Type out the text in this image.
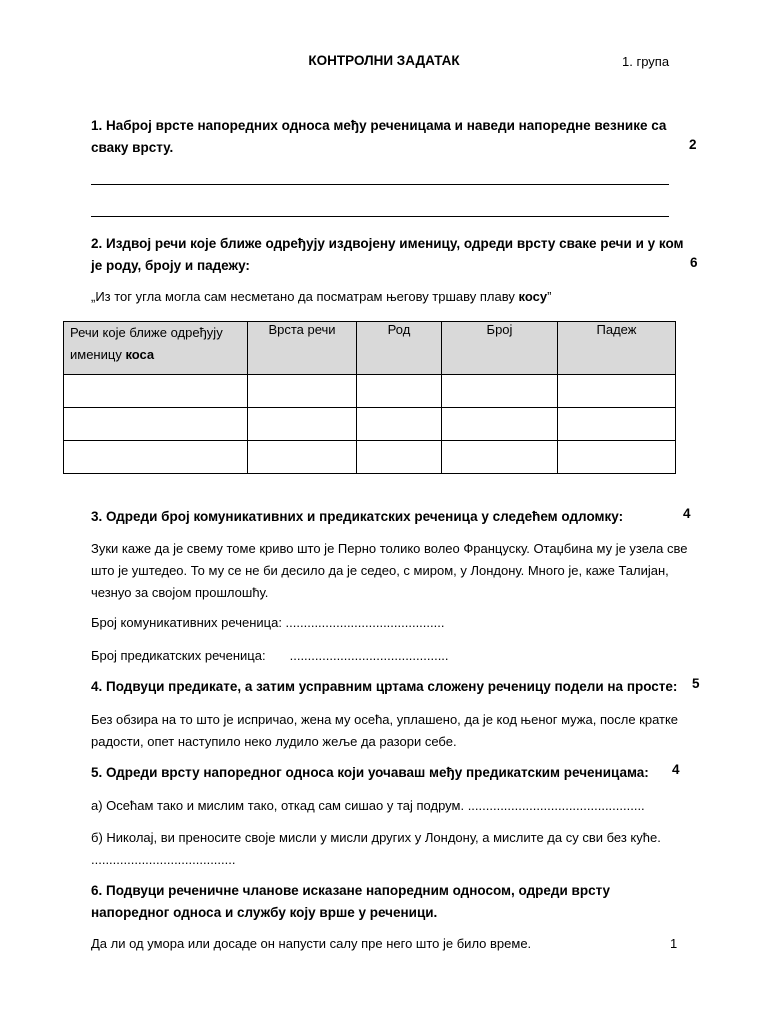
КОНТРОЛНИ ЗАДАТАК	1. група
1. Наброј врсте напоредних односа међу реченицама и наведи напоредне везнике са сваку врсту.	2
2. Издвој речи које ближе одређују издвојену именицу, одреди врсту сваке речи и у ком је роду, броју и падежу:	6
„Из тог угла могла сам несметано да посматрам његову тршаву плаву косу”
Речи које ближе одређују именицу коса	Врста речи	Род	Број	Падеж

3. Одреди број комуникативних и предикатских реченица у следећем одломку:	4
Зуки каже да је свему томе криво што је Перно толико волео Француску. Отаџбина му је узела све што је уштедео. То му се не би десило да је седео, с миром, у Лондону. Много је, каже Талијан, чезнуо за својом прошлошћу.
Број комуникативних реченица: ............................................
Број предикатских реченица: ............................................
4. Подвуци предикате, а затим усправним цртама сложену реченицу подели на просте:	5
Без обзира на то што је испричао, жена му осећа, уплашено, да је код њеног мужа, после кратке радости, опет наступило неко лудило жеље да разори себе.
5. Одреди врсту напоредног односа који уочаваш међу предикатским реченицама:	4
а) Осећам тако и мислим тако, откад сам сишао у тај подрум. .................................................
б) Николај, ви преносите своје мисли у мисли других у Лондону, а мислите да су сви без куће. ........................................
6. Подвуци реченичне чланове исказане напоредним односом, одреди врсту напоредног односа и службу коју врше у реченици.
Да ли од умора или досаде он напусти салу пре него што је било време.	1
